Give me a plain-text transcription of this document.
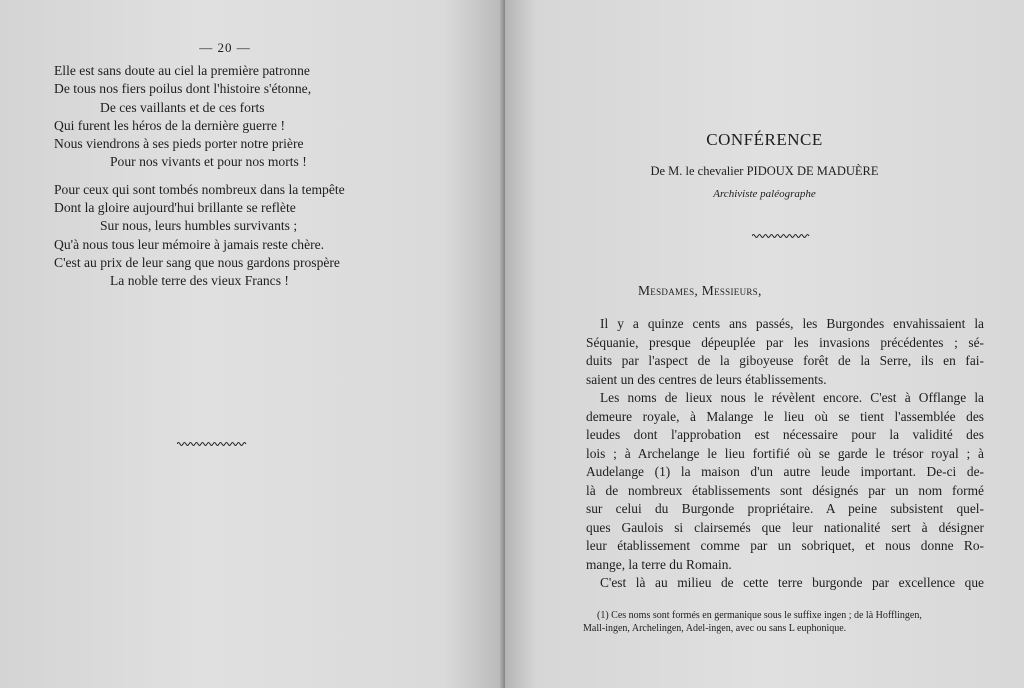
— 20 —
Elle est sans doute au ciel la première patronne
De tous nos fiers poilus dont l'histoire s'étonne,
De ces vaillants et de ces forts
Qui furent les héros de la dernière guerre !
Nous viendrons à ses pieds porter notre prière
Pour nos vivants et pour nos morts !
Pour ceux qui sont tombés nombreux dans la tempête
Dont la gloire aujourd'hui brillante se reflète
Sur nous, leurs humbles survivants ;
Qu'à nous tous leur mémoire à jamais reste chère.
C'est au prix de leur sang que nous gardons prospère
La noble terre des vieux Francs !
CONFÉRENCE
De M. le chevalier PIDOUX DE MADUÈRE
Archiviste paléographe
Mesdames, Messieurs,
Il y a quinze cents ans passés, les Burgondes envahissaient la
Séquanie, presque dépeuplée par les invasions précédentes ; sé-
duits par l'aspect de la giboyeuse forêt de la Serre, ils en fai-
saient un des centres de leurs établissements.
Les noms de lieux nous le révèlent encore. C'est à Offlange la
demeure royale, à Malange le lieu où se tient l'assemblée des
leudes dont l'approbation est nécessaire pour la validité des
lois ; à Archelange le lieu fortifié où se garde le trésor royal ; à
Audelange (1) la maison d'un autre leude important. De-ci de-
là de nombreux établissements sont désignés par un nom formé
sur celui du Burgonde propriétaire. A peine subsistent quel-
ques Gaulois si clairsemés que leur nationalité sert à désigner
leur établissement comme par un sobriquet, et nous donne Ro-
mange, la terre du Romain.
C'est là au milieu de cette terre burgonde par excellence que
(1) Ces noms sont formés en germanique sous le suffixe ingen ; de là Hofflingen,
Mall-ingen, Archelingen, Adel-ingen, avec ou sans L euphonique.
